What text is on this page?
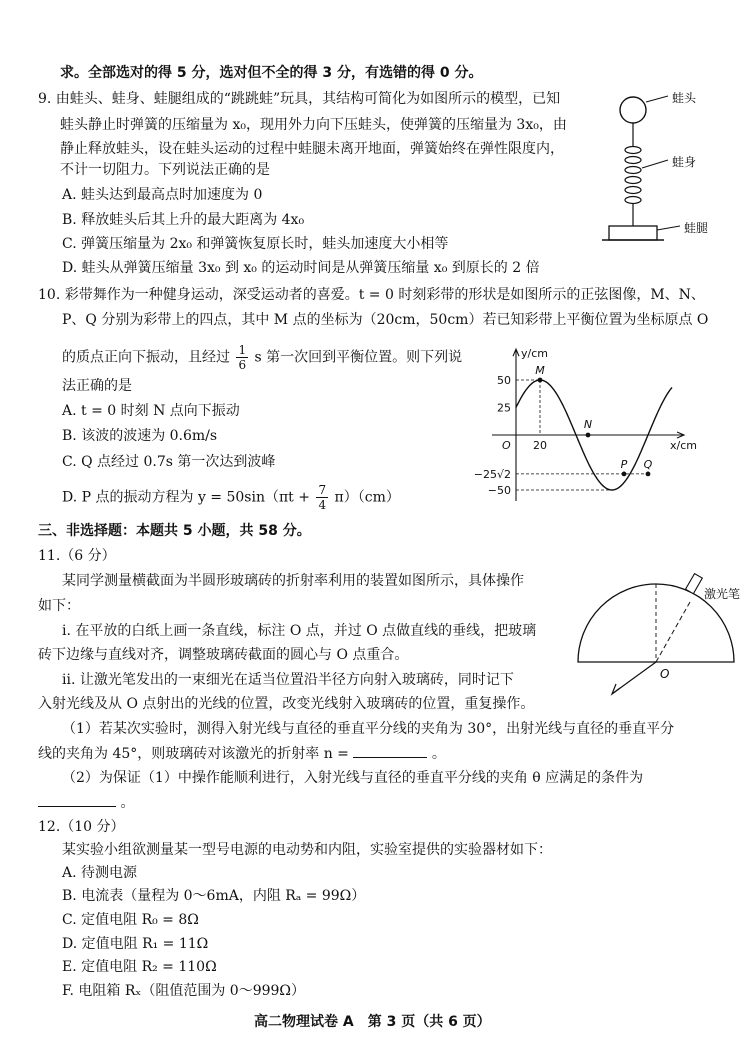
求。全部选对的得 5 分，选对但不全的得 3 分，有选错的得 0 分。
9. 由蛙头、蛙身、蛙腿组成的“跳跳蛙”玩具，其结构可简化为如图所示的模型，已知
蛙头静止时弹簧的压缩量为 x₀，现用外力向下压蛙头，使弹簧的压缩量为 3x₀，由
静止释放蛙头，设在蛙头运动的过程中蛙腿未离开地面，弹簧始终在弹性限度内，
不计一切阻力。下列说法正确的是
A. 蛙头达到最高点时加速度为 0
B. 释放蛙头后其上升的最大距离为 4x₀
C. 弹簧压缩量为 2x₀ 和弹簧恢复原长时，蛙头加速度大小相等
D. 蛙头从弹簧压缩量 3x₀ 到 x₀ 的运动时间是从弹簧压缩量 x₀ 到原长的 2 倍
蛙头
蛙身
蛙腿
10. 彩带舞作为一种健身运动，深受运动者的喜爱。t = 0 时刻彩带的形状是如图所示的正弦图像，M、N、
P、Q 分别为彩带上的四点，其中 M 点的坐标为（20cm，50cm）若已知彩带上平衡位置为坐标原点 O
的质点正向下振动，且经过 $\frac{1}{6}$ s 第一次回到平衡位置。则下列说
法正确的是
A. t = 0 时刻 N 点向下振动
B. 该波的波速为 0.6m/s
C. Q 点经过 0.7s 第一次达到波峰
D. P 点的振动方程为 $y = 50\sin(\pi t + \frac{7}{4} \pi)(cm)$
y/cm
x/cm
O
50
25
−25√2
−50
20
M
N
P Q
三、非选择题：本题共 5 小题，共 58 分。
11.（6 分）
某同学测量横截面为半圆形玻璃砖的折射率利用的装置如图所示，具体操作
如下：
ⅰ. 在平放的白纸上画一条直线，标注 O 点，并过 O 点做直线的垂线，把玻璃
砖下边缘与直线对齐，调整玻璃砖截面的圆心与 O 点重合。
ⅱ. 让激光笔发出的一束细光在适当位置沿半径方向射入玻璃砖，同时记下
入射光线及从 O 点射出的光线的位置，改变光线射入玻璃砖的位置，重复操作。
（1）若某次实验时，测得入射光线与直径的垂直平分线的夹角为 30°，出射光线与直径的垂直平分
线的夹角为 45°，则玻璃砖对该激光的折射率 n =	。
（2）为保证（1）中操作能顺利进行，入射光线与直径的垂直平分线的夹角 θ 应满足的条件为
。
激光笔
O
12.（10 分）
某实验小组欲测量某一型号电源的电动势和内阻，实验室提供的实验器材如下：
A. 待测电源
B. 电流表（量程为 0～6mA，内阻 Rₐ = 99Ω）
C. 定值电阻 R₀ = 8Ω
D. 定值电阻 R₁ = 11Ω
E. 定值电阻 R₂ = 110Ω
F. 电阻箱 Rₓ（阻值范围为 0～999Ω）
高二物理试卷 A　第 3 页（共 6 页）
